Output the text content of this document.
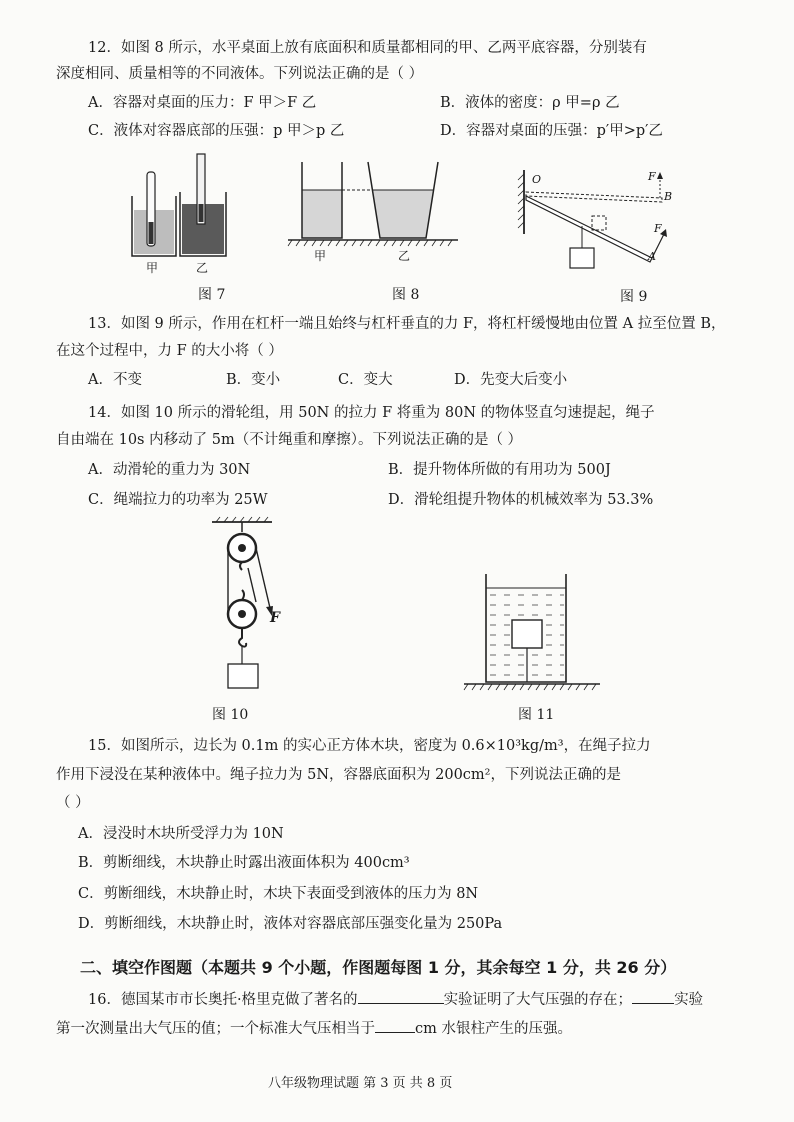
12．如图 8 所示，水平桌面上放有底面积和质量都相同的甲、乙两平底容器，分别装有
深度相同、质量相等的不同液体。下列说法正确的是（ ）
A．容器对桌面的压力：F 甲＞F 乙	B．液体的密度：ρ 甲=ρ 乙
C．液体对容器底部的压强：p 甲＞p 乙	D．容器对桌面的压强：p′甲>p′乙
甲	乙
图 7
甲	乙
图 8
O
B
A
F
F
图 9
13．如图 9 所示，作用在杠杆一端且始终与杠杆垂直的力 F，将杠杆缓慢地由位置 A 拉至位置 B，
在这个过程中，力 F 的大小将（ ）
A．不变	B．变小	C．变大	D．先变大后变小
14．如图 10 所示的滑轮组，用 50N 的拉力 F 将重为 80N 的物体竖直匀速提起，绳子
自由端在 10s 内移动了 5m（不计绳重和摩擦）。下列说法正确的是（ ）
A．动滑轮的重力为 30N	B．提升物体所做的有用功为 500J
C．绳端拉力的功率为 25W	D．滑轮组提升物体的机械效率为 53.3%
F
图 10	图 11
15．如图所示，边长为 0.1m 的实心正方体木块，密度为 0.6×10³kg/m³，在绳子拉力
作用下浸没在某种液体中。绳子拉力为 5N，容器底面积为 200cm²，下列说法正确的是
（ ）
A．浸没时木块所受浮力为 10N
B．剪断细线，木块静止时露出液面体积为 400cm³
C．剪断细线，木块静止时，木块下表面受到液体的压力为 8N
D．剪断细线，木块静止时，液体对容器底部压强变化量为 250Pa
二、填空作图题（本题共 9 个小题，作图题每图 1 分，其余每空 1 分，共 26 分）
16．德国某市市长奥托·格里克做了著名的	实验证明了大气压强的存在；	实验
第一次测量出大气压的值；一个标准大气压相当于	cm 水银柱产生的压强。
八年级物理试题 第 3 页 共 8 页
